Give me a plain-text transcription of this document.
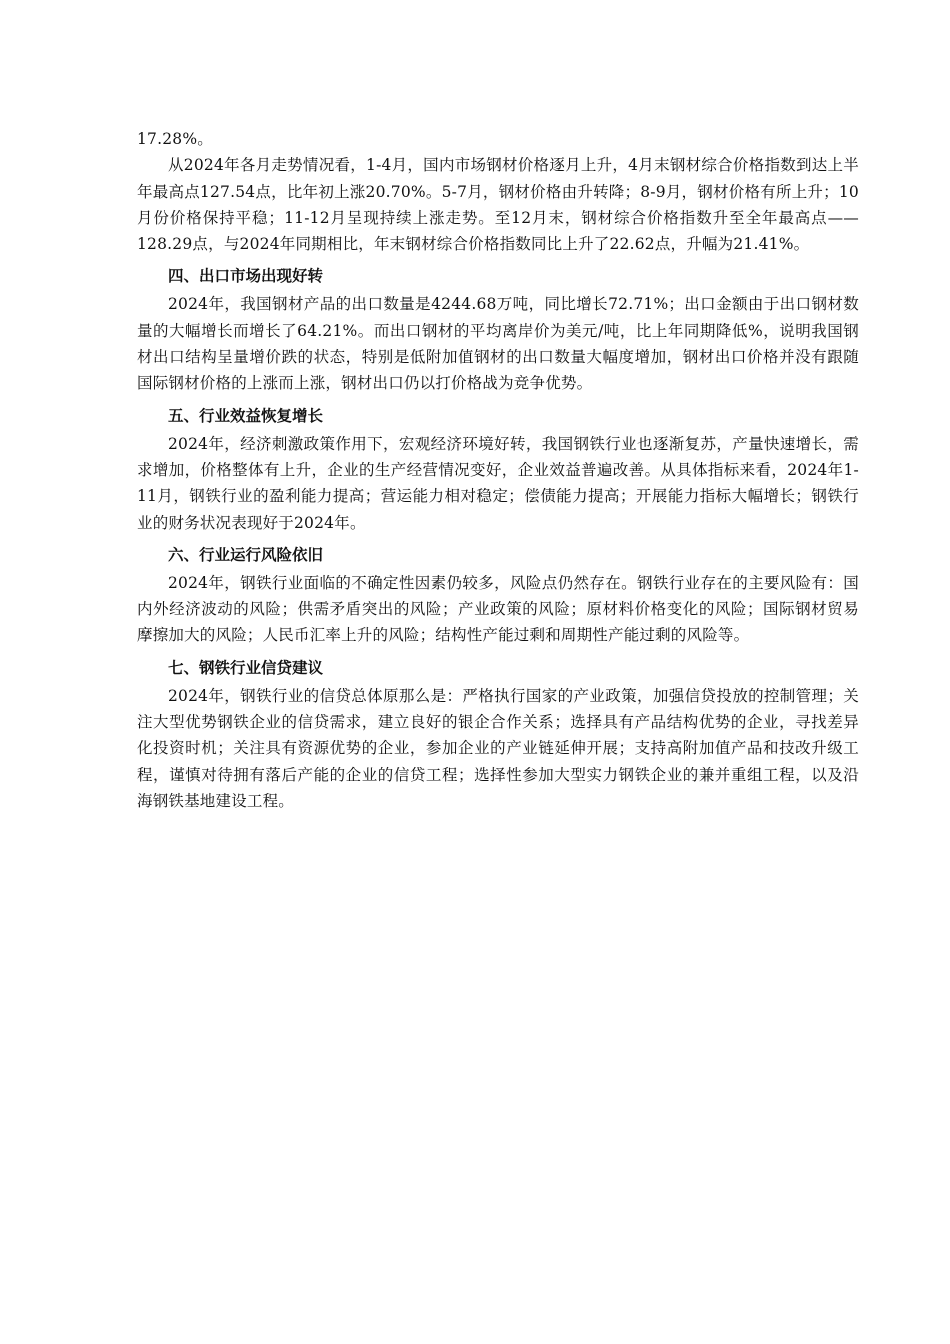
17.28%。

从2024年各月走势情况看，1-4月，国内市场钢材价格逐月上升，4月末钢材综合价格指数到达上半年最高点127.54点，比年初上涨20.70%。5-7月，钢材价格由升转降；8-9月，钢材价格有所上升；10月份价格保持平稳；11-12月呈现持续上涨走势。至12月末，钢材综合价格指数升至全年最高点——128.29点，与2024年同期相比，年末钢材综合价格指数同比上升了22.62点，升幅为21.41%。

四、出口市场出现好转

2024年，我国钢材产品的出口数量是4244.68万吨，同比增长72.71%；出口金额由于出口钢材数量的大幅增长而增长了64.21%。而出口钢材的平均离岸价为美元/吨，比上年同期降低%，说明我国钢材出口结构呈量增价跌的状态，特别是低附加值钢材的出口数量大幅度增加，钢材出口价格并没有跟随国际钢材价格的上涨而上涨，钢材出口仍以打价格战为竞争优势。

五、行业效益恢复增长

2024年，经济刺激政策作用下，宏观经济环境好转，我国钢铁行业也逐渐复苏，产量快速增长，需求增加，价格整体有上升，企业的生产经营情况变好，企业效益普遍改善。从具体指标来看，2024年1-11月，钢铁行业的盈利能力提高；营运能力相对稳定；偿债能力提高；开展能力指标大幅增长；钢铁行业的财务状况表现好于2024年。

六、行业运行风险依旧

2024年，钢铁行业面临的不确定性因素仍较多，风险点仍然存在。钢铁行业存在的主要风险有：国内外经济波动的风险；供需矛盾突出的风险；产业政策的风险；原材料价格变化的风险；国际钢材贸易摩擦加大的风险；人民币汇率上升的风险；结构性产能过剩和周期性产能过剩的风险等。

七、钢铁行业信贷建议

2024年，钢铁行业的信贷总体原那么是：严格执行国家的产业政策，加强信贷投放的控制管理；关注大型优势钢铁企业的信贷需求，建立良好的银企合作关系；选择具有产品结构优势的企业，寻找差异化投资时机；关注具有资源优势的企业，参加企业的产业链延伸开展；支持高附加值产品和技改升级工程，谨慎对待拥有落后产能的企业的信贷工程；选择性参加大型实力钢铁企业的兼并重组工程，以及沿海钢铁基地建设工程。
